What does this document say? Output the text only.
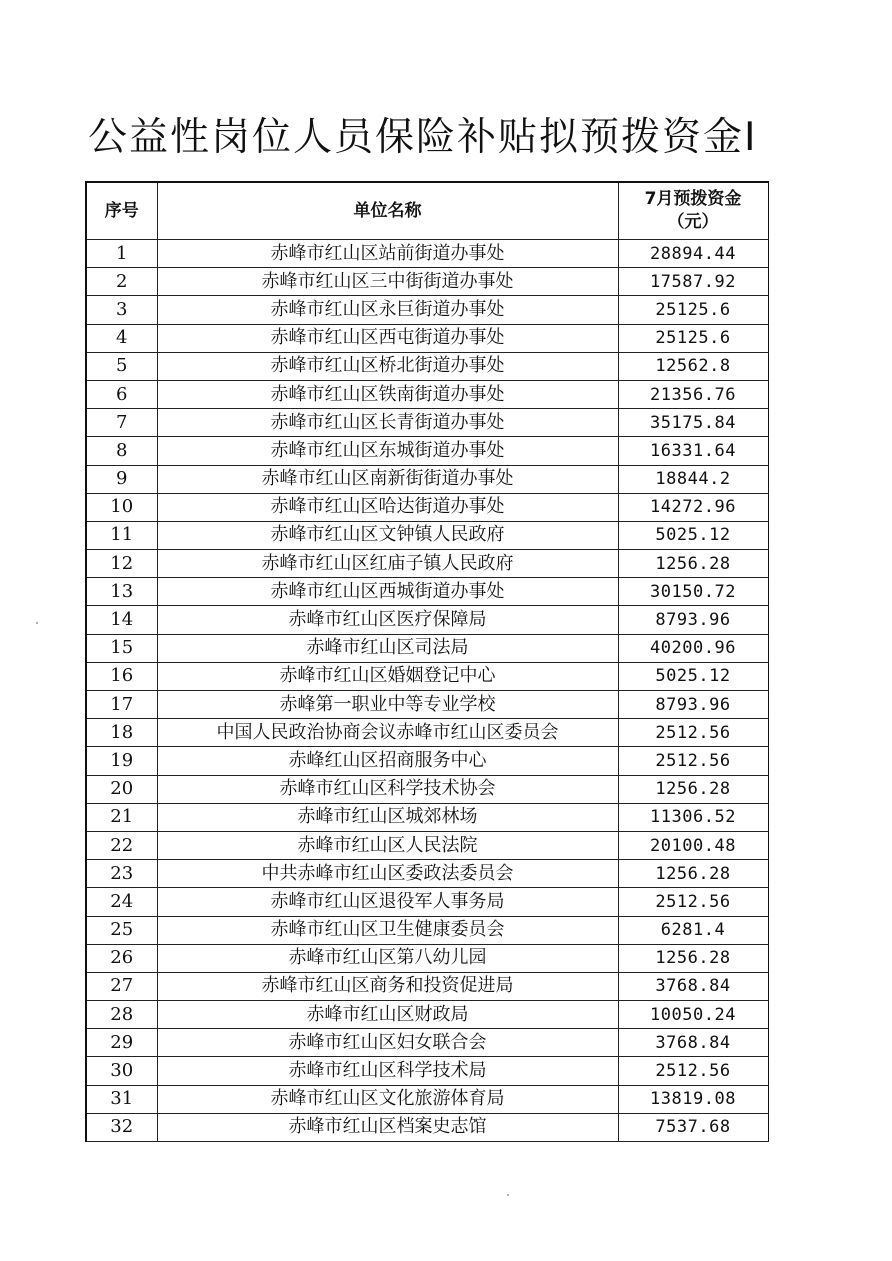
公益性岗位人员保险补贴拟预拨资金I
序号	单位名称	7月预拨资金
（元）

1	赤峰市红山区站前街道办事处	28894.44
2	赤峰市红山区三中街街道办事处	17587.92
3	赤峰市红山区永巨街道办事处	25125.6
4	赤峰市红山区西屯街道办事处	25125.6
5	赤峰市红山区桥北街道办事处	12562.8
6	赤峰市红山区铁南街道办事处	21356.76
7	赤峰市红山区长青街道办事处	35175.84
8	赤峰市红山区东城街道办事处	16331.64
9	赤峰市红山区南新街街道办事处	18844.2
10	赤峰市红山区哈达街道办事处	14272.96
11	赤峰市红山区文钟镇人民政府	5025.12
12	赤峰市红山区红庙子镇人民政府	1256.28
13	赤峰市红山区西城街道办事处	30150.72
14	赤峰市红山区医疗保障局	8793.96
15	赤峰市红山区司法局	40200.96
16	赤峰市红山区婚姻登记中心	5025.12
17	赤峰第一职业中等专业学校	8793.96
18	中国人民政治协商会议赤峰市红山区委员会	2512.56
19	赤峰红山区招商服务中心	2512.56
20	赤峰市红山区科学技术协会	1256.28
21	赤峰市红山区城郊林场	11306.52
22	赤峰市红山区人民法院	20100.48
23	中共赤峰市红山区委政法委员会	1256.28
24	赤峰市红山区退役军人事务局	2512.56
25	赤峰市红山区卫生健康委员会	6281.4
26	赤峰市红山区第八幼儿园	1256.28
27	赤峰市红山区商务和投资促进局	3768.84
28	赤峰市红山区财政局	10050.24
29	赤峰市红山区妇女联合会	3768.84
30	赤峰市红山区科学技术局	2512.56
31	赤峰市红山区文化旅游体育局	13819.08
32	赤峰市红山区档案史志馆	7537.68
